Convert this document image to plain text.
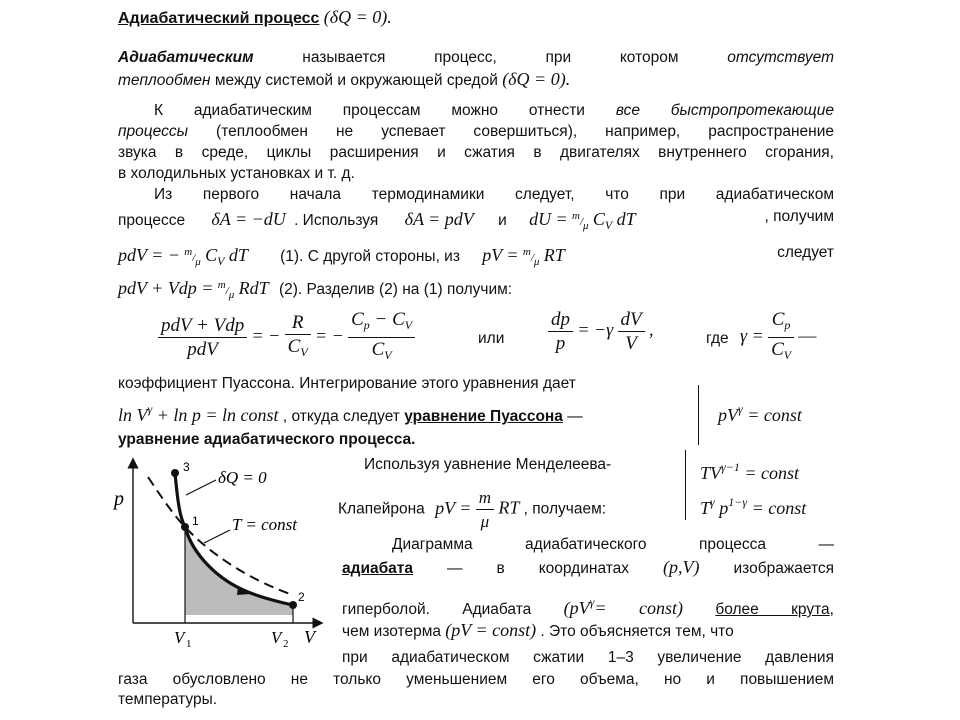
Адиабатический процесс (δQ = 0).
Адиабатическим	называется процесс, при котором	отсутствует
теплообмен между системой и окружающей средой (δQ = 0).
К адиабатическим процессам можно отнести все быстропротекающие
процессы (теплообмен не успевает совершиться), например, распространение
звука в среде, циклы расширения и сжатия в двигателях внутреннего сгорания,
в холодильных установках и т. д.
Из первого начала термодинамики следует, что при адиабатическом
процессе δA = −dU . Используя δA = pdV и dU = $^m/_\mu$ $C_V$ dT	, получим
pdV = − $^m/_\mu$ $C_V$ dT (1). С другой стороны, из pV = $^m/_\mu$ RT	следует
pdV + Vdp = $^m/_\mu$ RdT (2). Разделив (2) на (1) получим:
$\frac{\text{pdV + Vdp}}{\text{pdV}}$ = − $\frac{R}{C_V}$ = − $\frac{C_p - C_V}{C_V}$	или $\frac{dp}{p} = -\gamma \frac{dV}{V}$ ,	где $\gamma = \frac{C_p}{C_V}$ —
коэффициент Пуассона. Интегрирование этого уравнения дает
$\ln V^\gamma + \ln p = \ln$ const , откуда следует уравнение Пуассона —
уравнение адиабатического процесса.
$pV^\gamma$ = const
p
V
3
1
2
δQ = 0
T = const
V 1	V 2
Используя уавнение Менделеева-
Клапейрона pV = $\frac{m}{\mu}$ RT , получаем:
$TV^{\gamma-1}$ = const
$T^\gamma$ $p^{1-\gamma}$ = const
Диаграмма адиабатического процесса —
адиабата — в координатах (p,V) изображается
гиперболой. Адиабата ($pV^\gamma=$ const) более крута,
чем изотерма (pV = const) . Это объясняется тем, что
при адиабатическом сжатии 1–3 увеличение давления
газа обусловлено не только уменьшением его объема, но и повышением
температуры.
